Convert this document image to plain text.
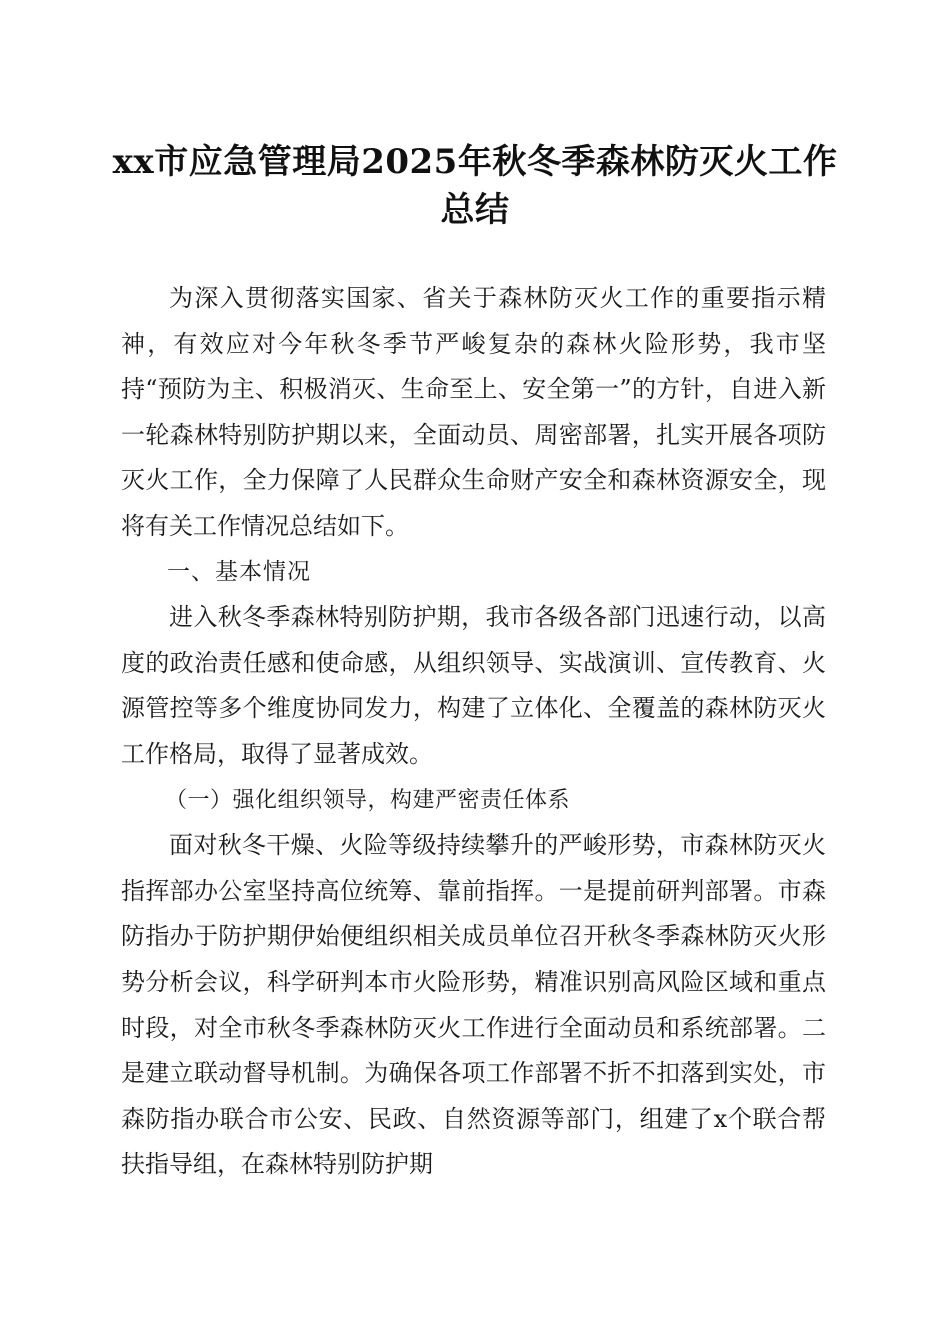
xx市应急管理局2025年秋冬季森林防灭火工作总结

为深入贯彻落实国家、省关于森林防灭火工作的重要指示精神，有效应对今年秋冬季节严峻复杂的森林火险形势，我市坚持“预防为主、积极消灭、生命至上、安全第一”的方针，自进入新一轮森林特别防护期以来，全面动员、周密部署，扎实开展各项防灭火工作，全力保障了人民群众生命财产安全和森林资源安全，现将有关工作情况总结如下。

一、基本情况

进入秋冬季森林特别防护期，我市各级各部门迅速行动，以高度的政治责任感和使命感，从组织领导、实战演训、宣传教育、火源管控等多个维度协同发力，构建了立体化、全覆盖的森林防灭火工作格局，取得了显著成效。

（一）强化组织领导，构建严密责任体系

面对秋冬干燥、火险等级持续攀升的严峻形势，市森林防灭火指挥部办公室坚持高位统筹、靠前指挥。一是提前研判部署。市森防指办于防护期伊始便组织相关成员单位召开秋冬季森林防灭火形势分析会议，科学研判本市火险形势，精准识别高风险区域和重点时段，对全市秋冬季森林防灭火工作进行全面动员和系统部署。二是建立联动督导机制。为确保各项工作部署不折不扣落到实处，市森防指办联合市公安、民政、自然资源等部门，组建了x个联合帮扶指导组，在森林特别防护期
